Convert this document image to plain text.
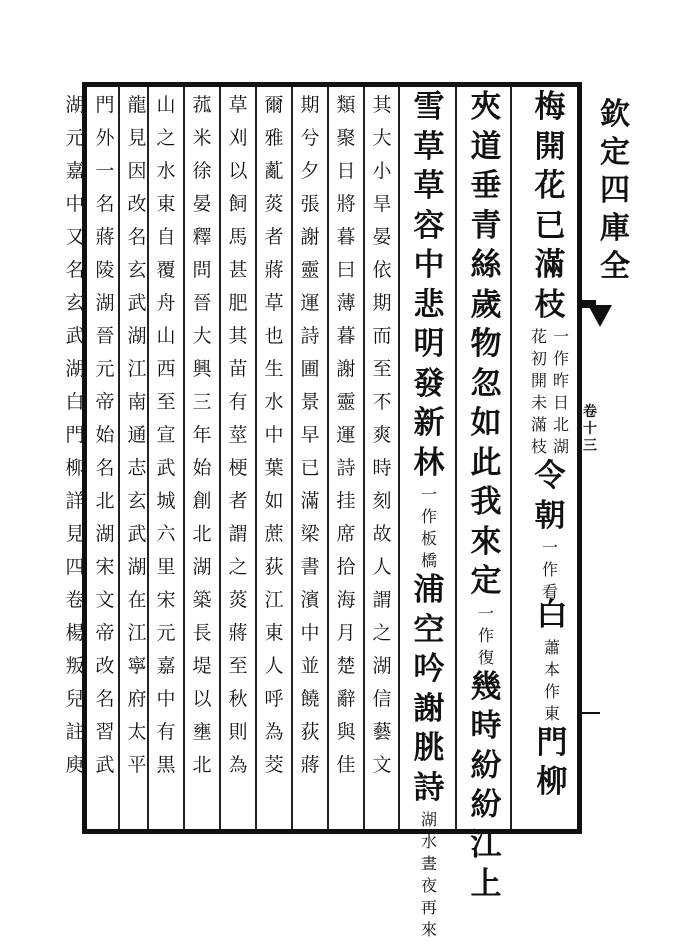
欽
定
四
庫
全
卷
十
三
梅
開
花
已
滿
枝
一
作
昨
日
北
湖
花
初
開
未
滿
枝
令
朝
一
作
看
白
蕭
本
作
東
門
柳
夾
道
垂
青
絲
歲
物
忽
如
此
我
來
定
一
作
復
幾
時
紛
紛
江
上
雪
草
草
容
中
悲
明
發
新
林
一
作
板
橋
浦
空
吟
謝
朓
詩
湖
水
晝
夜
再
來
其
大
小
旱
晏
依
期
而
至
不
爽
時
刻
故
人
謂
之
湖
信
藝
文
類
聚
日
將
暮
曰
薄
暮
謝
靈
運
詩
挂
席
拾
海
月
楚
辭
與
佳
期
兮
夕
張
謝
靈
運
詩
圃
景
早
已
滿
梁
書
濱
中
並
饒
荻
蔣
爾
雅
薍
菼
者
蔣
草
也
生
水
中
葉
如
蔗
荻
江
東
人
呼
為
茭
草
刈
以
飼
馬
甚
肥
其
苗
有
莖
梗
者
謂
之
菼
蔣
至
秋
則
為
菰
米
徐
晏
釋
問
晉
大
興
三
年
始
創
北
湖
築
長
堤
以
壅
北
山
之
水
東
自
覆
舟
山
西
至
宣
武
城
六
里
宋
元
嘉
中
有
黒
龍
見
因
改
名
玄
武
湖
江
南
通
志
玄
武
湖
在
江
寧
府
太
平
門
外
一
名
蔣
陵
湖
晉
元
帝
始
名
北
湖
宋
文
帝
改
名
習
武
湖
元
嘉
中
又
名
玄
武
湖
白
門
柳
詳
見
四
卷
楊
叛
兒
註
庾
